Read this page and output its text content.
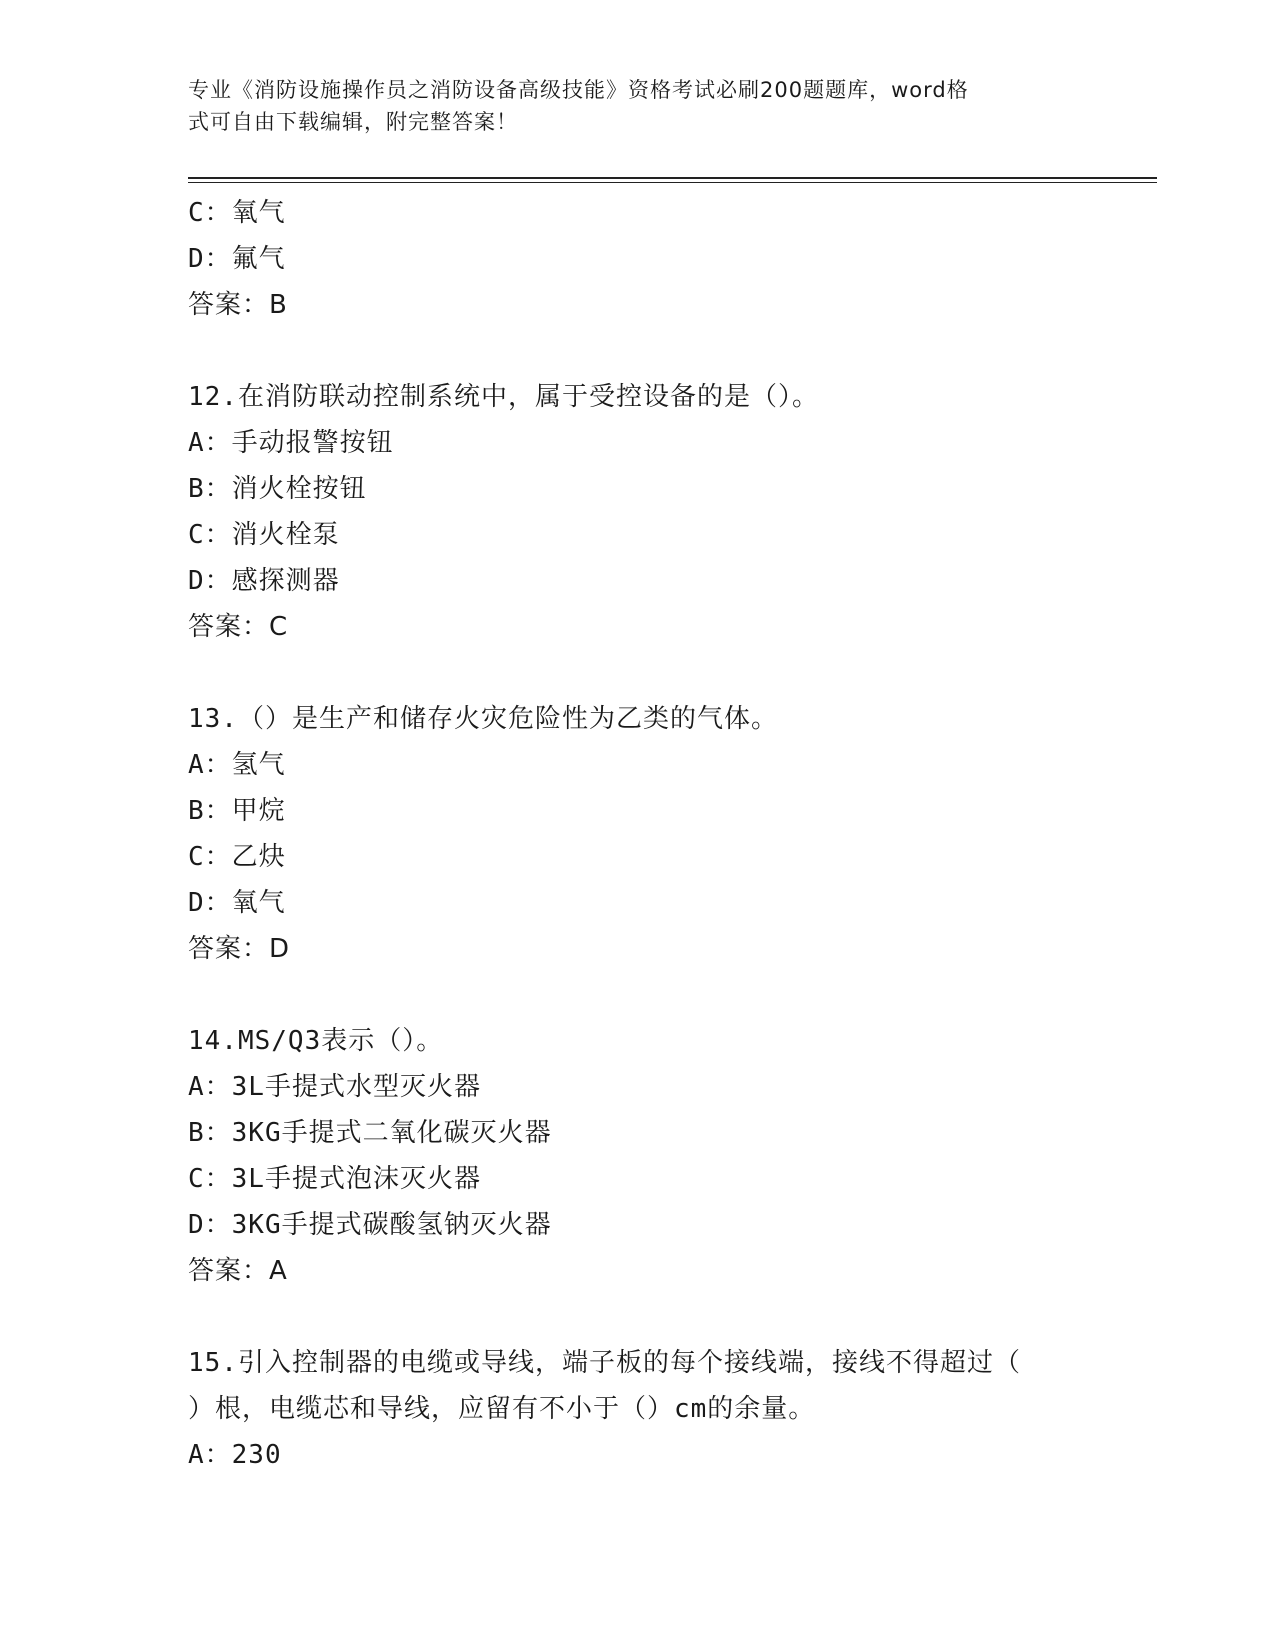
专业《消防设施操作员之消防设备高级技能》资格考试必刷200题题库，word格
式可自由下载编辑，附完整答案！
C：氧气
D：氟气
答案：B
12.在消防联动控制系统中，属于受控设备的是（）。
A：手动报警按钮
B：消火栓按钮
C：消火栓泵
D：感探测器
答案：C
13.（）是生产和储存火灾危险性为乙类的气体。
A：氢气
B：甲烷
C：乙炔
D：氧气
答案：D
14.MS/Q3表示（）。
A：3L手提式水型灭火器
B：3KG手提式二氧化碳灭火器
C：3L手提式泡沫灭火器
D：3KG手提式碳酸氢钠灭火器
答案：A
15.引入控制器的电缆或导线，端子板的每个接线端，接线不得超过（
）根，电缆芯和导线，应留有不小于（）cm的余量。
A：230
